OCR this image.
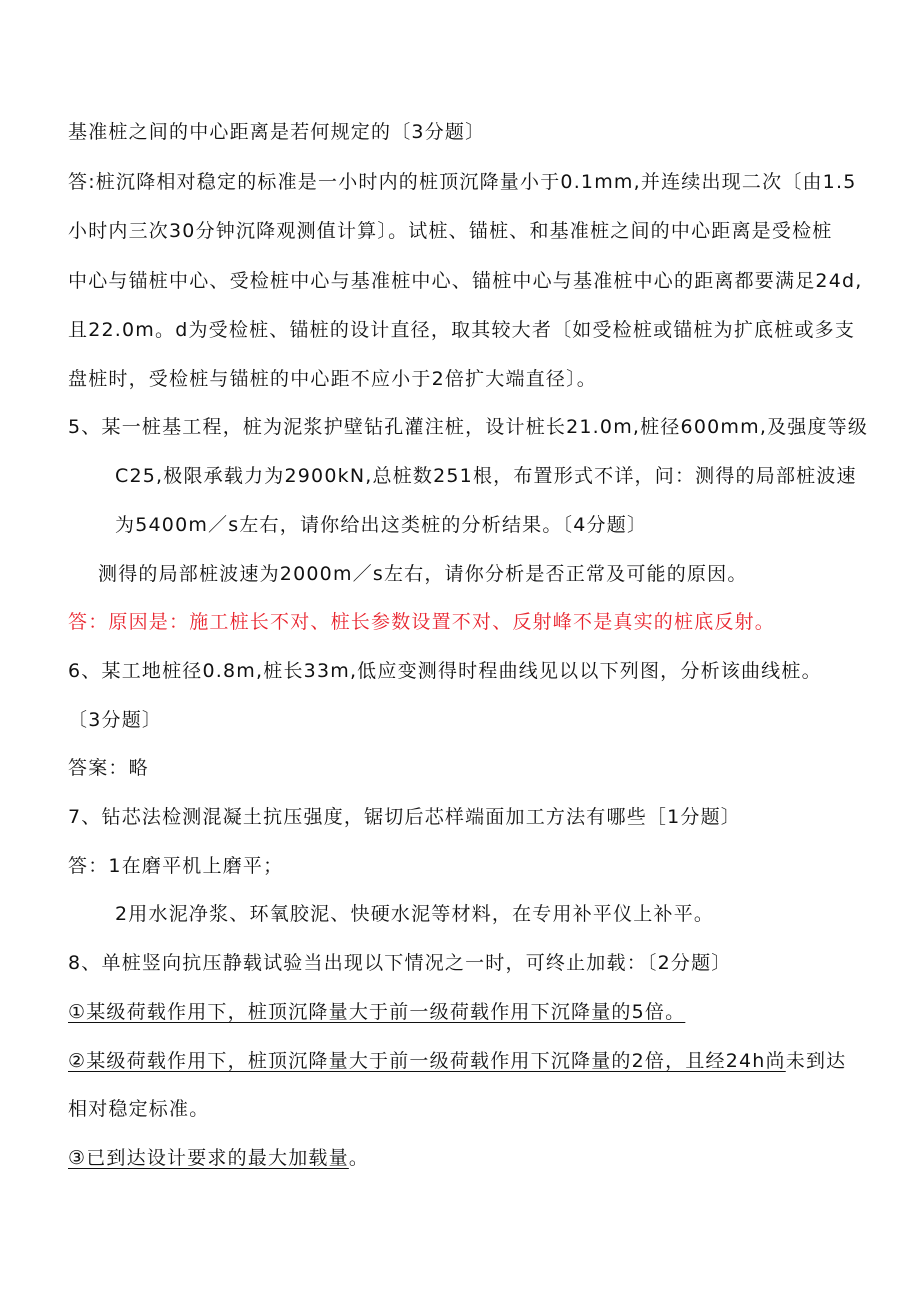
基准桩之间的中心距离是若何规定的〔3分题〕
答:桩沉降相对稳定的标准是一小时内的桩顶沉降量小于0.1mm,并连续出现二次〔由1.5
小时内三次30分钟沉降观测值计算〕。试桩、锚桩、和基准桩之间的中心距离是受检桩
中心与锚桩中心、受检桩中心与基准桩中心、锚桩中心与基准桩中心的距离都要满足24d,
且22.0m。d为受检桩、锚桩的设计直径，取其较大者〔如受检桩或锚桩为扩底桩或多支
盘桩时，受检桩与锚桩的中心距不应小于2倍扩大端直径〕。
5、某一桩基工程，桩为泥浆护壁钻孔灌注桩，设计桩长21.0m,桩径600mm,及强度等级
C25,极限承载力为2900kN,总桩数251根，布置形式不详，问：测得的局部桩波速
为5400m／s左右，请你给出这类桩的分析结果。〔4分题〕
测得的局部桩波速为2000m／s左右，请你分析是否正常及可能的原因。
答：原因是：施工桩长不对、桩长参数设置不对、反射峰不是真实的桩底反射。
6、某工地桩径0.8m,桩长33m,低应变测得时程曲线见以以下列图，分析该曲线桩。
〔3分题〕
答案：略
7、钻芯法检测混凝土抗压强度，锯切后芯样端面加工方法有哪些［1分题〕
答：1在磨平机上磨平；
2用水泥净浆、环氧胶泥、快硬水泥等材料，在专用补平仪上补平。
8、单桩竖向抗压静载试验当出现以下情况之一时，可终止加载：〔2分题〕
①某级荷载作用下，桩顶沉降量大于前一级荷载作用下沉降量的5倍。
②某级荷载作用下，桩顶沉降量大于前一级荷载作用下沉降量的2倍，且经24h尚未到达
相对稳定标准。
③已到达设计要求的最大加载量。
